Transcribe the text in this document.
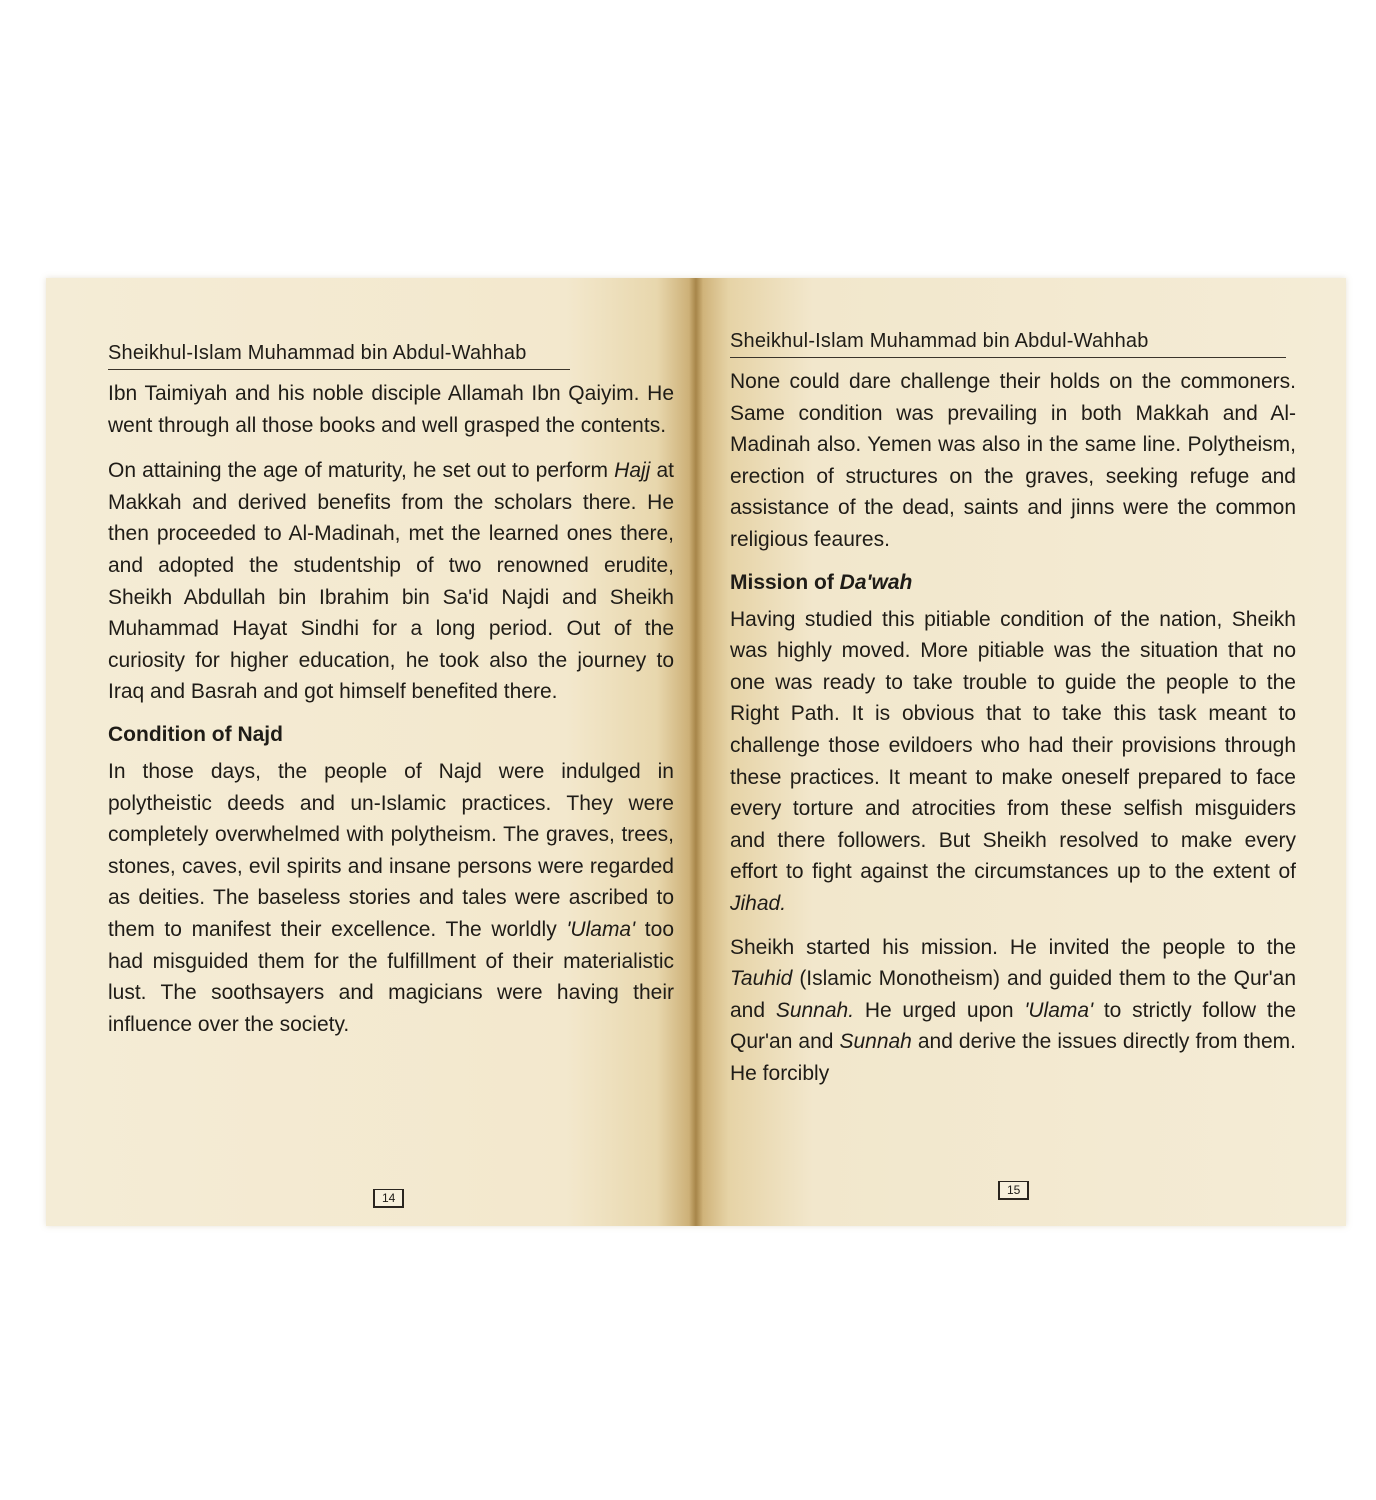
Sheikhul-Islam Muhammad bin Abdul-Wahhab

Ibn Taimiyah and his noble disciple Allamah Ibn Qaiyim. He went through all those books and well grasped the contents.

On attaining the age of maturity, he set out to perform Hajj at Makkah and derived benefits from the scholars there. He then proceeded to Al-Madinah, met the learned ones there, and adopted the studentship of two renowned erudite, Sheikh Abdullah bin Ibrahim bin Sa'id Najdi and Sheikh Muhammad Hayat Sindhi for a long period. Out of the curiosity for higher education, he took also the journey to Iraq and Basrah and got himself benefited there.

Condition of Najd

In those days, the people of Najd were indulged in polytheistic deeds and un-Islamic practices. They were completely overwhelmed with polytheism. The graves, trees, stones, caves, evil spirits and insane persons were regarded as deities. The baseless stories and tales were ascribed to them to manifest their excellence. The worldly 'Ulama' too had misguided them for the fulfillment of their materialistic lust. The soothsayers and magicians were having their influence over the society.

14
Sheikhul-Islam Muhammad bin Abdul-Wahhab

None could dare challenge their holds on the commoners. Same condition was prevailing in both Makkah and Al-Madinah also. Yemen was also in the same line. Polytheism, erection of structures on the graves, seeking refuge and assistance of the dead, saints and jinns were the common religious feaures.

Mission of Da'wah

Having studied this pitiable condition of the nation, Sheikh was highly moved. More pitiable was the situation that no one was ready to take trouble to guide the people to the Right Path. It is obvious that to take this task meant to challenge those evildoers who had their provisions through these practices. It meant to make oneself prepared to face every torture and atrocities from these selfish misguiders and there followers. But Sheikh resolved to make every effort to fight against the circumstances up to the extent of Jihad.

Sheikh started his mission. He invited the people to the Tauhid (Islamic Monotheism) and guided them to the Qur'an and Sunnah. He urged upon 'Ulama' to strictly follow the Qur'an and Sunnah and derive the issues directly from them. He forcibly

15
